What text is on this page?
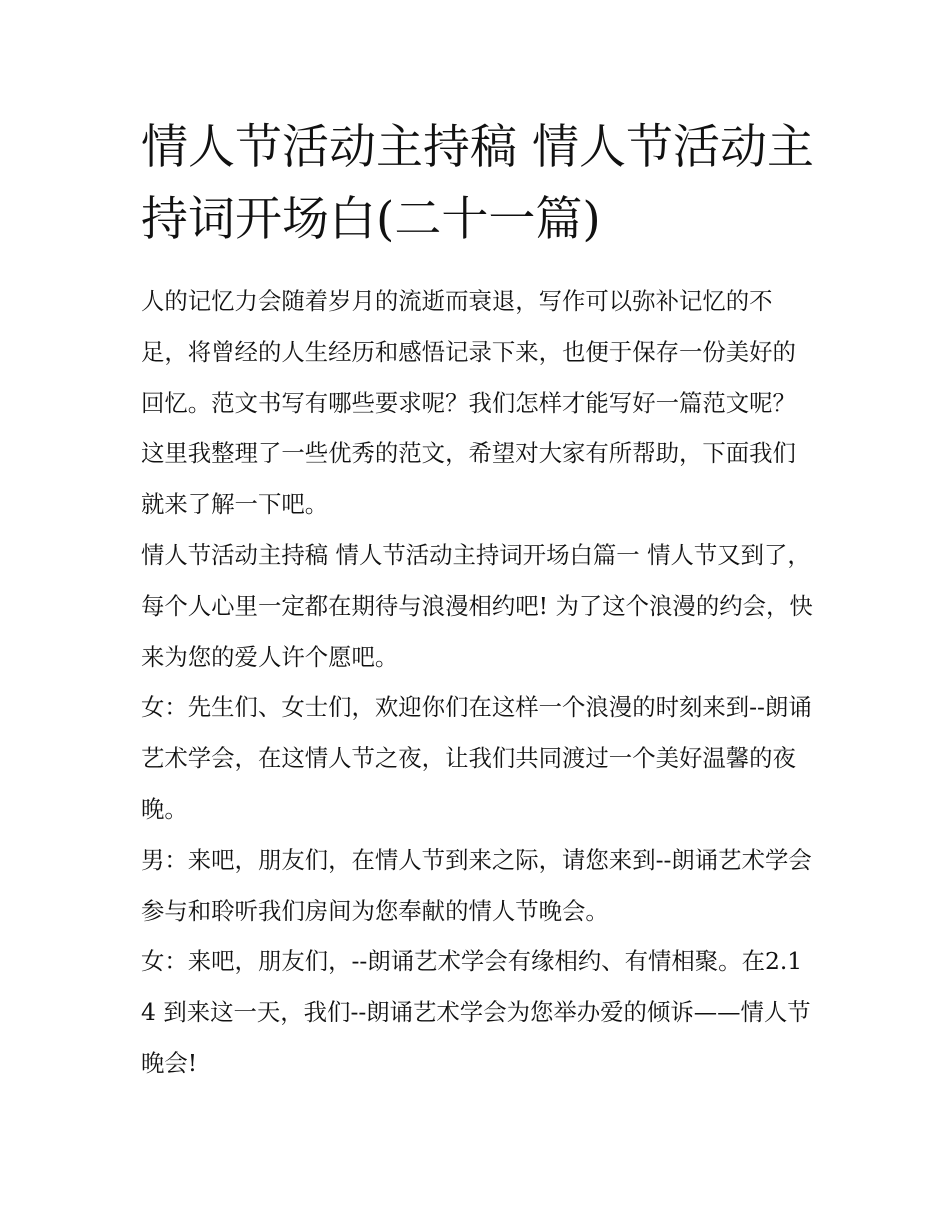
情人节活动主持稿 情人节活动主持词开场白(二十一篇)

人的记忆力会随着岁月的流逝而衰退，写作可以弥补记忆的不足，将曾经的人生经历和感悟记录下来，也便于保存一份美好的回忆。范文书写有哪些要求呢？我们怎样才能写好一篇范文呢？这里我整理了一些优秀的范文，希望对大家有所帮助，下面我们就来了解一下吧。

情人节活动主持稿 情人节活动主持词开场白篇一 情人节又到了，每个人心里一定都在期待与浪漫相约吧! 为了这个浪漫的约会，快来为您的爱人许个愿吧。

女：先生们、女士们，欢迎你们在这样一个浪漫的时刻来到--朗诵艺术学会，在这情人节之夜，让我们共同渡过一个美好温馨的夜晚。

男：来吧，朋友们，在情人节到来之际，请您来到--朗诵艺术学会参与和聆听我们房间为您奉献的情人节晚会。

女：来吧，朋友们，--朗诵艺术学会有缘相约、有情相聚。在2.14 到来这一天，我们--朗诵艺术学会为您举办爱的倾诉——情人节晚会!
